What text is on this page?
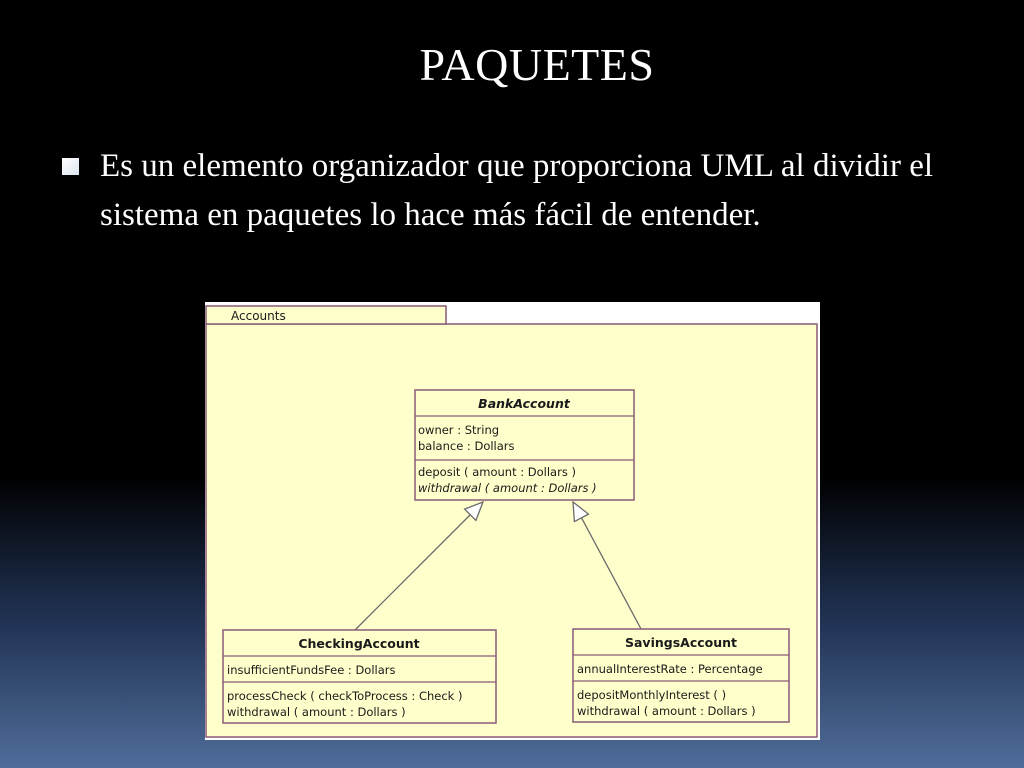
PAQUETES
Es un elemento organizador que proporciona UML al dividir el sistema en paquetes lo hace más fácil de entender.
Accounts
BankAccount
owner : String
balance : Dollars
deposit ( amount : Dollars )
withdrawal ( amount : Dollars )
CheckingAccount
insufficientFundsFee : Dollars
processCheck ( checkToProcess : Check )
withdrawal ( amount : Dollars )
SavingsAccount
annualInterestRate : Percentage
depositMonthlyInterest ( )
withdrawal ( amount : Dollars )
